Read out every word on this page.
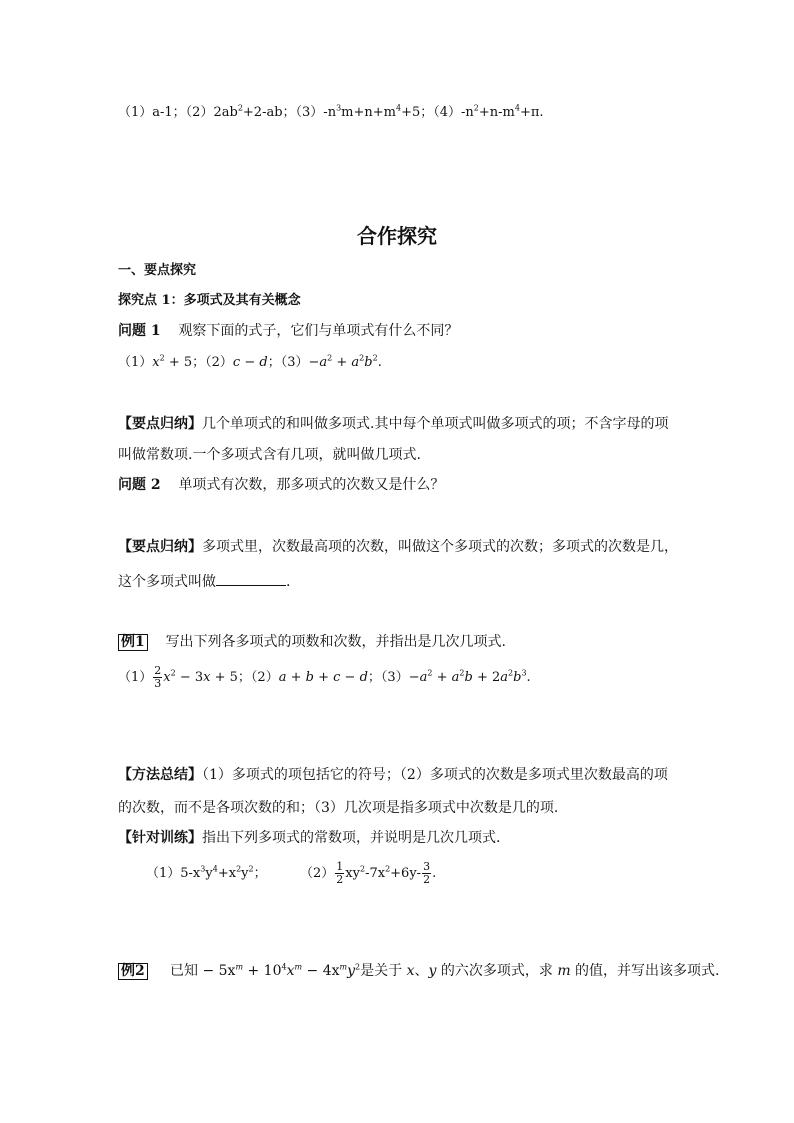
（1）a-1；$(2)2ab^2+2-ab$；$(3)-n^3m+n+m^4+5$；$(4)-n^2+n-m^4+\pi$.
合作探究
一、要点探究
探究点 1：多项式及其有关概念
问题 1 观察下面的式子，它们与单项式有什么不同？
$(1)x^2 + 5$；（2）c − d；$(3)-a^2 + a^2b^2$.
【要点归纳】几个单项式的和叫做多项式.其中每个单项式叫做多项式的项；不含字母的项
叫做常数项.一个多项式含有几项，就叫做几项式.
问题 2 单项式有次数，那多项式的次数又是什么？
【要点归纳】多项式里，次数最高项的次数，叫做这个多项式的次数；多项式的次数是几，
这个多项式叫做	.
例1 写出下列各多项式的项数和次数，并指出是几次几项式.
$(1) \frac{2}{3} x^2 - 3x + 5$；（2）a + b + c − d；$(3)-a^2 + a^2b + 2a^2b^3$.
【方法总结】（1）多项式的项包括它的符号；（2）多项式的次数是多项式里次数最高的项
的次数，而不是各项次数的和；（3）几次项是指多项式中次数是几的项.
【针对训练】指出下列多项式的常数项，并说明是几次几项式.
$(1)5-x^3y^4+x^2y^2$；	$(2) \frac{1}{2} xy^2-7x^2+6y- \frac{3}{2}$ .
例2 已知 − $5x^m + 10^4x^m - 4x^my^2$是关于 x、y 的六次多项式，求 m 的值，并写出该多项式.
